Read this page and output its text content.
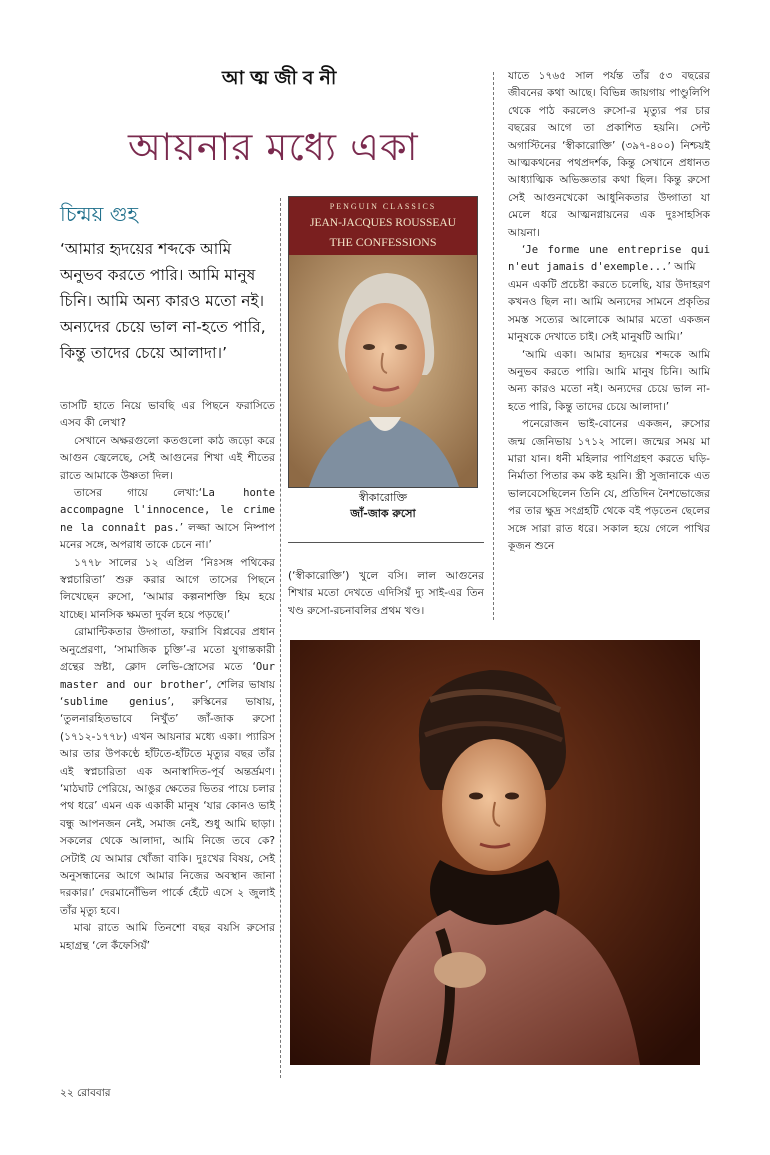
আত্মজীবনী
আয়নার মধ্যে একা
চিন্ময় গুহ
‘আমার হৃদয়ের শব্দকে আমি অনুভব করতে পারি। আমি মানুষ চিনি। আমি অন্য কারও মতো নই। অন্যদের চেয়ে ভাল না-হতে পারি, কিন্তু তাদের চেয়ে আলাদা।’

তাসটি হাতে নিয়ে ভাবছি এর পিছনে ফরাসিতে এসব কী লেখা?

সেখানে অক্ষরগুলো কতগুলো কাঠ জড়ো করে আগুন জ্বেলেছে, সেই আগুনের শিখা এই শীতের রাতে আমাকে উষ্ণতা দিল।

তাসের গায়ে লেখা:‘La honte accompagne l'innocence, le crime ne la connaît pas.’ লজ্জা আসে নিষ্পাপ মনের সঙ্গে, অপরাধ তাকে চেনে না।’

১৭৭৮ সালের ১২ এপ্রিল ‘নিঃসঙ্গ পথিকের স্বপ্নচারিতা’ শুরু করার আগে তাসের পিছনে লিখেছেন রুসো, ‘আমার কল্পনাশক্তি হিম হয়ে যাচ্ছে। মানসিক ক্ষমতা দুর্বল হয়ে পড়ছে।’

রোমান্টিকতার উদ্গাতা, ফরাসি বিপ্লবের প্রধান অনুপ্রেরণা, ‘সামাজিক চুক্তি’-র মতো যুগান্তকারী গ্রন্থের স্রষ্টা, ক্লোদ লেভি-স্ত্রোসের মতে ‘Our master and our brother’, শেলির ভাষায় ‘sublime genius’, রুস্কিনের ভাষায়, ‘তুলনারহিতভাবে নিখুঁত’ জাঁ-জাক রুসো (১৭১২-১৭৭৮) এখন আয়নার মধ্যে একা। প্যারিস আর তার উপকণ্ঠে হাঁটতে-হাঁটতে মৃত্যুর বছর তাঁর এই স্বপ্নচারিতা এক অনাস্বাদিত-পূর্ব অন্তর্ভ্রমণ। ‘মাঠঘাট পেরিয়ে, আঙুর ক্ষেতের ভিতর পায়ে চলার পথ ধরে’ এমন এক একাকী মানুষ ‘যার কোনও ভাই বন্ধু আপনজন নেই, সমাজ নেই, শুধু আমি ছাড়া। সকলের থেকে আলাদা, আমি নিজে তবে কে? সেটাই যে আমার খোঁজা বাকি। দুঃখের বিষয়, সেই অনুসন্ধানের আগে আমার নিজের অবস্থান জানা দরকার।’ দেরমানোঁভিল পার্কে হেঁটে এসে ২ জুলাই তাঁর মৃত্যু হবে।

মাঝ রাতে আমি তিনশো বছর বয়সি রুসোর মহাগ্রন্থ ‘লে কঁফেসিয়ঁ’

PENGUIN CLASSICS
JEAN-JACQUES ROUSSEAU
THE CONFESSIONS
স্বীকারোক্তি
জাঁ-জাক রুসো

(‘স্বীকারোক্তি’) খুলে বসি। লাল আগুনের শিখার মতো দেখতে এদিসিয়ঁ দ্যু সাই-এর তিন খণ্ড রুসো-রচনাবলির প্রথম খণ্ড।

যাতে ১৭৬৫ সাল পর্যন্ত তাঁর ৫৩ বছরের জীবনের কথা আছে। বিভিন্ন জায়গায় পাণ্ডুলিপি থেকে পাঠ করলেও রুসো-র মৃত্যুর পর চার বছরের আগে তা প্রকাশিত হয়নি। সেন্ট অগাস্টিনের ‘স্বীকারোক্তি’ (৩৯৭-৪০০) নিশ্চয়ই আত্মকথনের পথপ্রদর্শক, কিন্তু সেখানে প্রধানত আধ্যাত্মিক অভিজ্ঞতার কথা ছিল। কিন্তু রুসো সেই আগুনখেকো আধুনিকতার উদ্গাতা যা মেলে ধরে আত্মনগ্নায়নের এক দুঃসাহসিক আয়না।

‘Je forme une entreprise qui n'eut jamais d'exemple...’ আমি

এমন একটি প্রচেষ্টা করতে চলেছি, যার উদাহরণ কখনও ছিল না। আমি অন্যদের সামনে প্রকৃতির সমস্ত সত্যের আলোকে আমার মতো একজন মানুষকে দেখাতে চাই। সেই মানুষটি আমি।’

‘আমি একা। আমার হৃদয়ের শব্দকে আমি অনুভব করতে পারি। আমি মানুষ চিনি। আমি অন্য কারও মতো নই। অন্যদের চেয়ে ভাল না-হতে পারি, কিন্তু তাদের চেয়ে আলাদা।’

পনেরোজন ভাই-বোনের একজন, রুসোর জন্ম জেনিভায় ১৭১২ সালে। জন্মের সময় মা মারা যান। ধনী মহিলার পাণিগ্রহণ করতে ঘড়ি-নির্মাতা পিতার কম কষ্ট হয়নি। স্ত্রী সুজানাকে এত ভালবেসেছিলেন তিনি যে, প্রতিদিন নৈশভোজের পর তার ক্ষুদ্র সংগ্রহটি থেকে বই পড়তেন ছেলের সঙ্গে সারা রাত ধরে। সকাল হয়ে গেলে পাখির কূজন শুনে

২২ রোববার
